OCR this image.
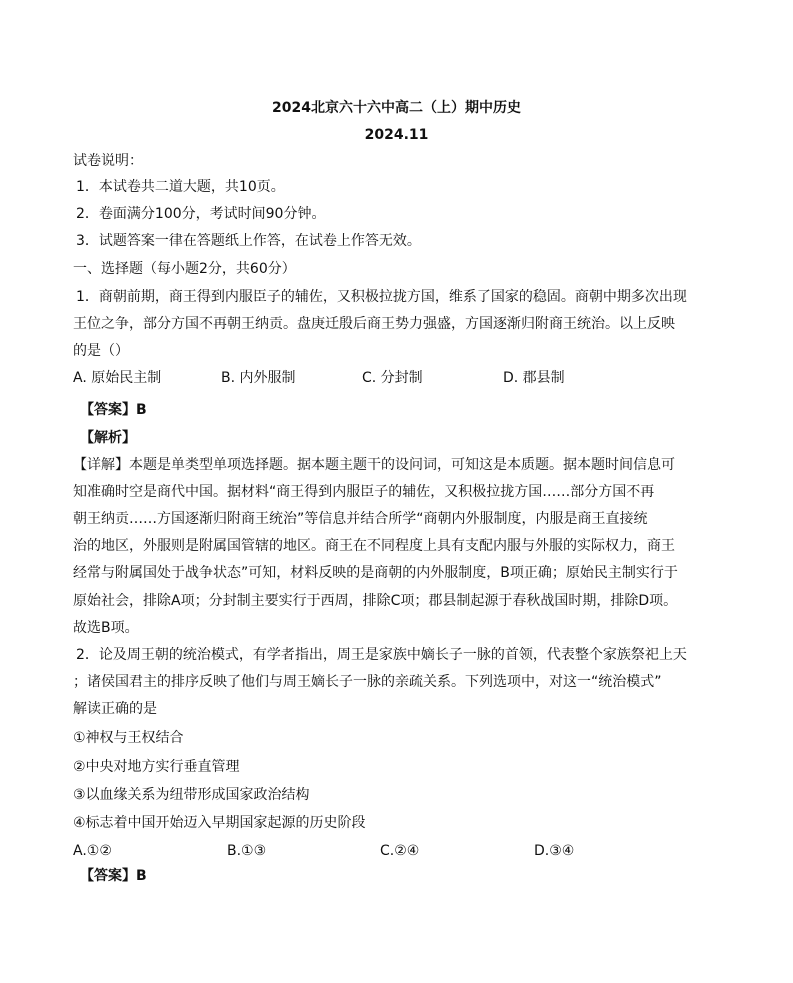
2024北京六十六中高二（上）期中历史
2024.11
试卷说明：
1．本试卷共二道大题，共10页。
2．卷面满分100分，考试时间90分钟。
3．试题答案一律在答题纸上作答，在试卷上作答无效。
一、选择题（每小题2分，共60分）
1．商朝前期，商王得到内服臣子的辅佐，又积极拉拢方国，维系了国家的稳固。商朝中期多次出现
王位之争，部分方国不再朝王纳贡。盘庚迁殷后商王势力强盛，方国逐渐归附商王统治。以上反映
的是（）
A. 原始民主制	B. 内外服制	C. 分封制	D. 郡县制
【答案】B
【解析】
【详解】本题是单类型单项选择题。据本题主题干的设问词，可知这是本质题。据本题时间信息可
知准确时空是商代中国。据材料“商王得到内服臣子的辅佐，又积极拉拢方国……部分方国不再
朝王纳贡……方国逐渐归附商王统治”等信息并结合所学“商朝内外服制度，内服是商王直接统
治的地区，外服则是附属国管辖的地区。商王在不同程度上具有支配内服与外服的实际权力，商王
经常与附属国处于战争状态”可知，材料反映的是商朝的内外服制度，B项正确；原始民主制实行于
原始社会，排除A项；分封制主要实行于西周，排除C项；郡县制起源于春秋战国时期，排除D项。
故选B项。
2．论及周王朝的统治模式，有学者指出，周王是家族中嫡长子一脉的首领，代表整个家族祭祀上天
；诸侯国君主的排序反映了他们与周王嫡长子一脉的亲疏关系。下列选项中，对这一“统治模式”
解读正确的是
①神权与王权结合
②中央对地方实行垂直管理
③以血缘关系为纽带形成国家政治结构
④标志着中国开始迈入早期国家起源的历史阶段
A.①②	B.①③	C.②④	D.③④
【答案】B
